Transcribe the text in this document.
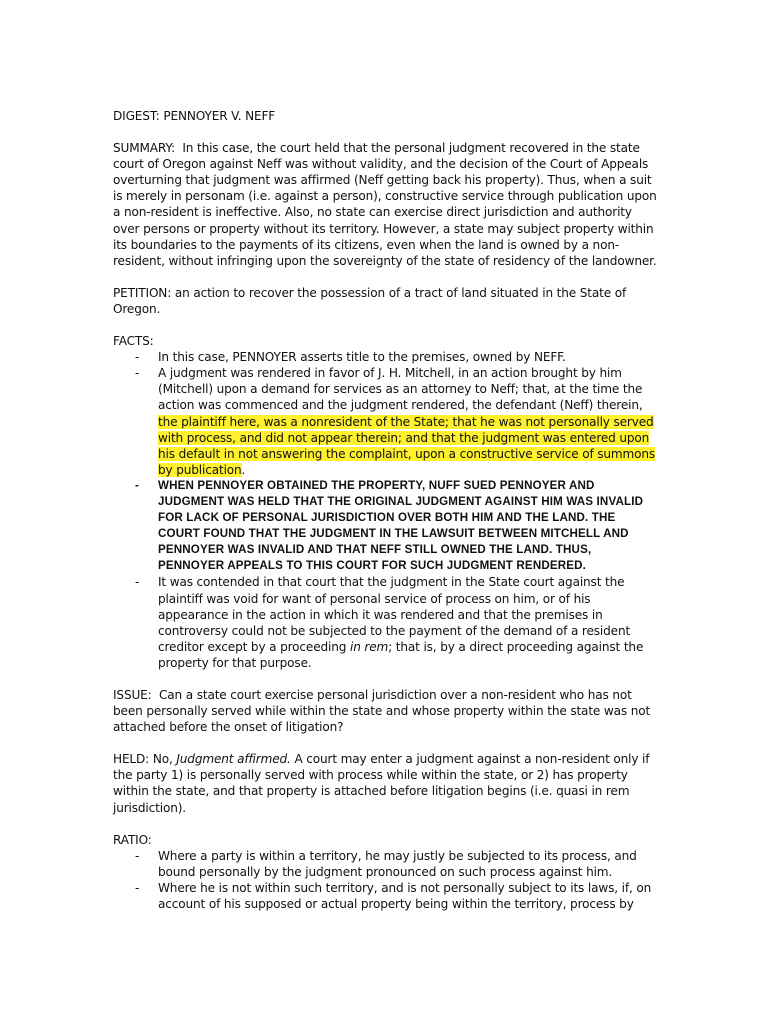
DIGEST: PENNOYER V. NEFF
SUMMARY: In this case, the court held that the personal judgment recovered in the state court of Oregon against Neff was without validity, and the decision of the Court of Appeals overturning that judgment was affirmed (Neff getting back his property). Thus, when a suit is merely in personam (i.e. against a person), constructive service through publication upon a non-resident is ineffective. Also, no state can exercise direct jurisdiction and authority over persons or property without its territory. However, a state may subject property within its boundaries to the payments of its citizens, even when the land is owned by a non-resident, without infringing upon the sovereignty of the state of residency of the landowner.
PETITION: an action to recover the possession of a tract of land situated in the State of Oregon.
FACTS:
- In this case, PENNOYER asserts title to the premises, owned by NEFF.
- A judgment was rendered in favor of J. H. Mitchell, in an action brought by him (Mitchell) upon a demand for services as an attorney to Neff; that, at the time the action was commenced and the judgment rendered, the defendant (Neff) therein, the plaintiff here, was a nonresident of the State; that he was not personally served with process, and did not appear therein; and that the judgment was entered upon his default in not answering the complaint, upon a constructive service of summons by publication.
- WHEN PENNOYER OBTAINED THE PROPERTY, NUFF SUED PENNOYER AND JUDGMENT WAS HELD THAT THE ORIGINAL JUDGMENT AGAINST HIM WAS INVALID FOR LACK OF PERSONAL JURISDICTION OVER BOTH HIM AND THE LAND. THE COURT FOUND THAT THE JUDGMENT IN THE LAWSUIT BETWEEN MITCHELL AND PENNOYER WAS INVALID AND THAT NEFF STILL OWNED THE LAND. THUS, PENNOYER APPEALS TO THIS COURT FOR SUCH JUDGMENT RENDERED.
- It was contended in that court that the judgment in the State court against the plaintiff was void for want of personal service of process on him, or of his appearance in the action in which it was rendered and that the premises in controversy could not be subjected to the payment of the demand of a resident creditor except by a proceeding in rem; that is, by a direct proceeding against the property for that purpose.
ISSUE: Can a state court exercise personal jurisdiction over a non-resident who has not been personally served while within the state and whose property within the state was not attached before the onset of litigation?
HELD: No, Judgment affirmed. A court may enter a judgment against a non-resident only if the party 1) is personally served with process while within the state, or 2) has property within the state, and that property is attached before litigation begins (i.e. quasi in rem jurisdiction).
RATIO:
- Where a party is within a territory, he may justly be subjected to its process, and bound personally by the judgment pronounced on such process against him.
- Where he is not within such territory, and is not personally subject to its laws, if, on account of his supposed or actual property being within the territory, process by
